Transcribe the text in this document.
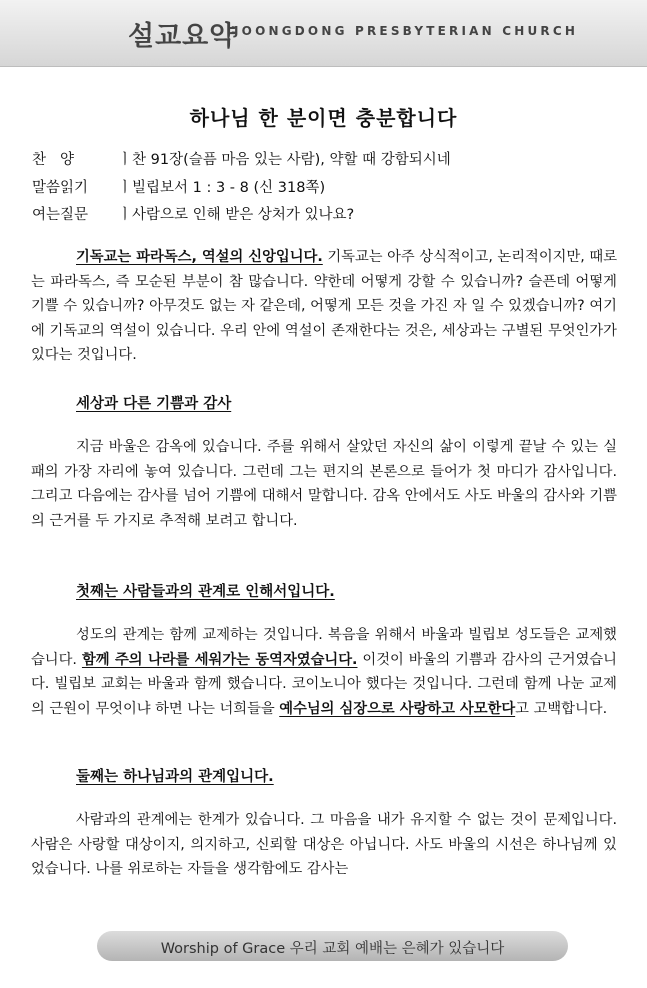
설교요약
JOONGDONG PRESBYTERIAN CHURCH
하나님 한 분이면 충분합니다
찬양 ㅣ찬 91장(슬픔 마음 있는 사람), 약할 때 강함되시네
말씀읽기 ㅣ빌립보서 1 : 3 - 8 (신 318쪽)
여는질문 ㅣ사람으로 인해 받은 상처가 있나요?
기독교는 파라독스, 역설의 신앙입니다. 기독교는 아주 상식적이고, 논리적이지만, 때로는 파라독스, 즉 모순된 부분이 참 많습니다. 약한데 어떻게 강할 수 있습니까? 슬픈데 어떻게 기쁠 수 있습니까? 아무것도 없는 자 같은데, 어떻게 모든 것을 가진 자 일 수 있겠습니까? 여기에 기독교의 역설이 있습니다. 우리 안에 역설이 존재한다는 것은, 세상과는 구별된 무엇인가가 있다는 것입니다.
세상과 다른 기쁨과 감사
지금 바울은 감옥에 있습니다. 주를 위해서 살았던 자신의 삶이 이렇게 끝날 수 있는 실패의 가장 자리에 놓여 있습니다. 그런데 그는 편지의 본론으로 들어가 첫 마디가 감사입니다. 그리고 다음에는 감사를 넘어 기쁨에 대해서 말합니다. 감옥 안에서도 사도 바울의 감사와 기쁨의 근거를 두 가지로 추적해 보려고 합니다.
첫째는 사람들과의 관계로 인해서입니다.
성도의 관계는 함께 교제하는 것입니다. 복음을 위해서 바울과 빌립보 성도들은 교제했습니다. 함께 주의 나라를 세워가는 동역자였습니다. 이것이 바울의 기쁨과 감사의 근거였습니다. 빌립보 교회는 바울과 함께 했습니다. 코이노니아 했다는 것입니다. 그런데 함께 나눈 교제의 근원이 무엇이냐 하면 나는 너희들을 예수님의 심장으로 사랑하고 사모한다고 고백합니다.
둘째는 하나님과의 관계입니다.
사람과의 관계에는 한계가 있습니다. 그 마음을 내가 유지할 수 없는 것이 문제입니다. 사람은 사랑할 대상이지, 의지하고, 신뢰할 대상은 아닙니다. 사도 바울의 시선은 하나님께 있었습니다. 나를 위로하는 자들을 생각함에도 감사는
Worship of Grace 우리 교회 예배는 은혜가 있습니다
